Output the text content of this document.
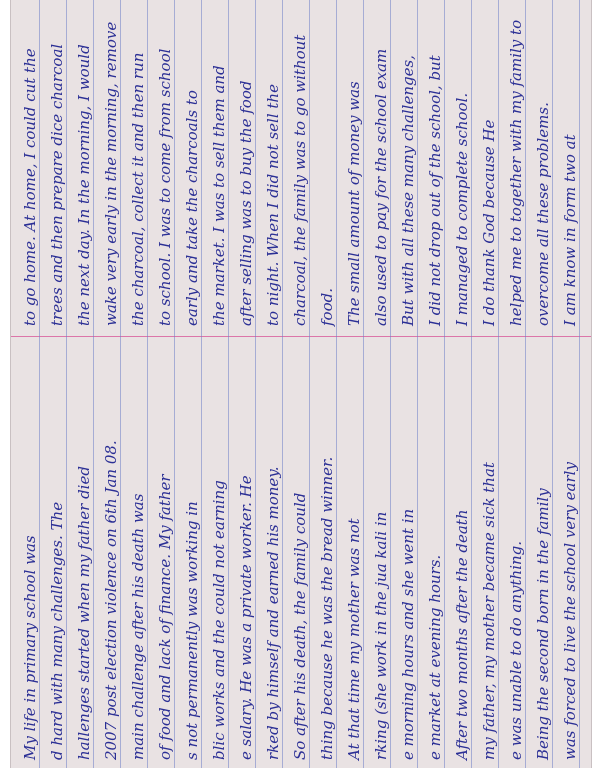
My life in primary school was d hard with many challenges. The hallenges started when my father died 2007 post election violence on 6th Jan 08. main challenge after his death was of food and lack of finance. My father s not permanently was working in blic works and the could not earning e salary. He was a private worker. He rked by himself and earned his money. So after his death, the family could thing because he was the bread winner. At that time my mother was not rking (she work in the jua kali in e morning hours and she went in e market at evening hours. After two months after the death my father, my mother became sick that e was unable to do anything. Being the second born in the family was forced to live the school very early
to go home. At home, I could cut the trees and then prepare dice charcoal the next day. In the morning, I would wake very early in the morning, remove the charcoal, collect it and then run to school. I was to come from school early and take the charcoals to the market. I was to sell them and after selling was to buy the food to night. When I did not sell the charcoal, the family was to go without food. The small amount of money was also used to pay for the school exam But with all these many challenges, I did not drop out of the school, but I managed to complete school. I do thank God because He helped me to together with my family to overcome all these problems. I am know in form two at
